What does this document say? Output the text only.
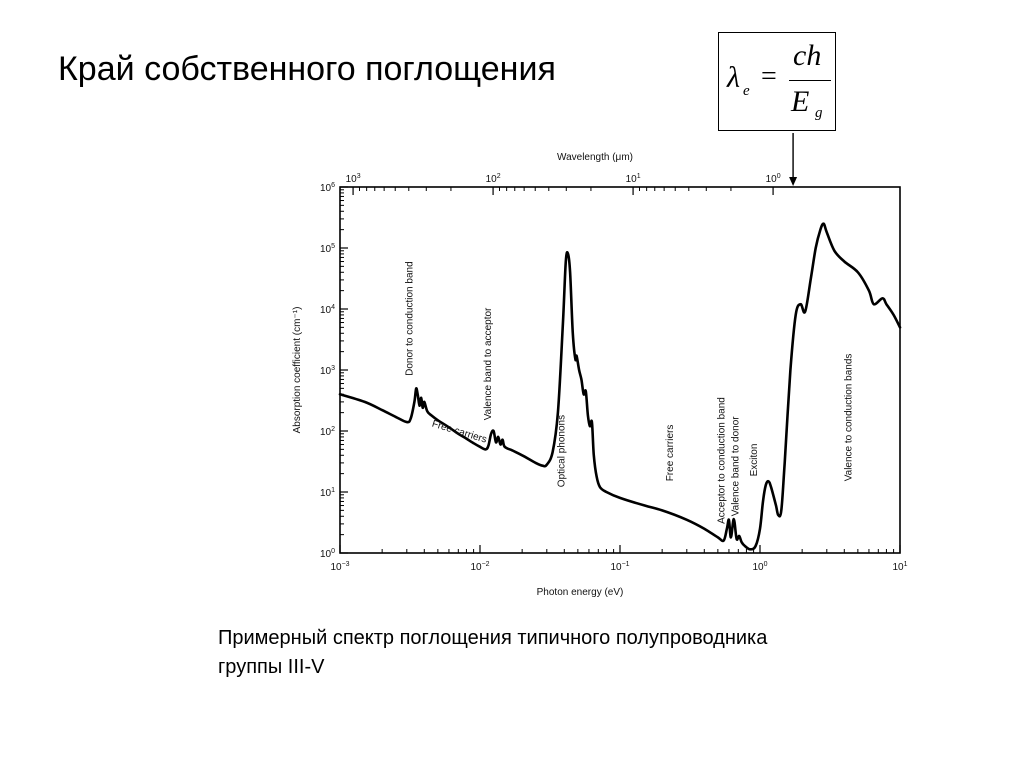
Край собственного поглощения	λ e =
ch
E g
$10^{-3}$	$10^{-2}$	$10^{-1}$	$10^0$	$10^1$
$10^0$
$10^1$
$10^2$
$10^3$
$10^4$
$10^5$
$10^6$
$10^3$	$10^2$	$10^1$	$10^0$
Photon energy (eV)
Wavelength (μm)
Absorption coefficient (cm⁻¹)	Donor to conduction band	Valence band to acceptor
Free carriers	Optical phonons	Free carriers	Acceptor to conduction band Valence band to donor Exciton	Valence to conduction bands
Примерный спектр поглощения типичного полупроводника
группы III-V
